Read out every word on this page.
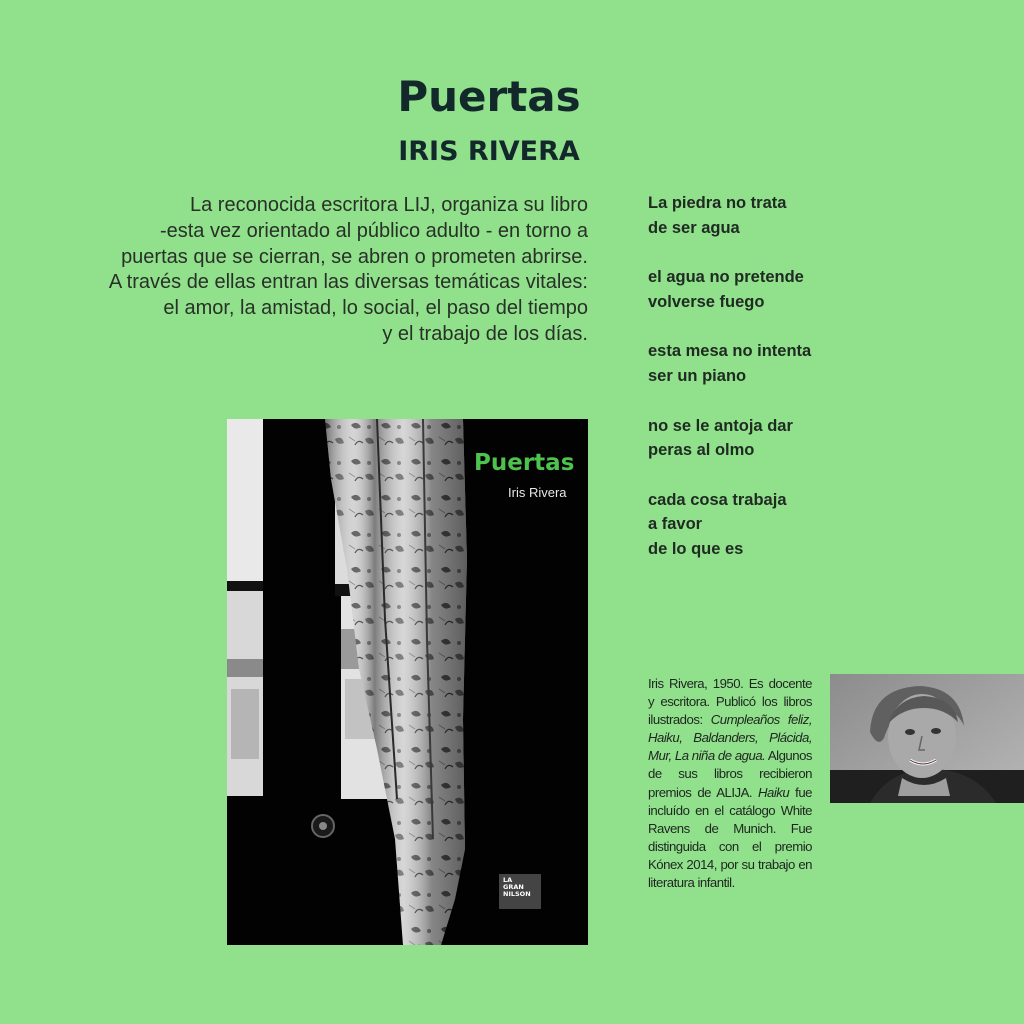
Puertas
IRIS RIVERA
La reconocida escritora LIJ, organiza su libro
-esta vez orientado al público adulto - en torno a
puertas que se cierran, se abren o prometen abrirse.
A través de ellas entran las diversas temáticas vitales:
el amor, la amistad, lo social, el paso del tiempo
y el trabajo de los días.
La piedra no trata
de ser agua
el agua no pretende
volverse fuego
esta mesa no intenta
ser un piano
no se le antoja dar
peras al olmo
cada cosa trabaja
a favor
de lo que es
Puertas
Iris Rivera
LA
GRAN
NILSON
Iris Rivera, 1950. Es docente y escritora. Publicó los libros ilustrados: Cumpleaños feliz, Haiku, Baldanders, Plácida, Mur, La niña de agua. Algunos de sus libros recibieron premios de ALIJA. Haiku fue incluído en el catálogo White Ravens de Munich. Fue distinguida con el premio Kónex 2014, por su trabajo en literatura infantil.
